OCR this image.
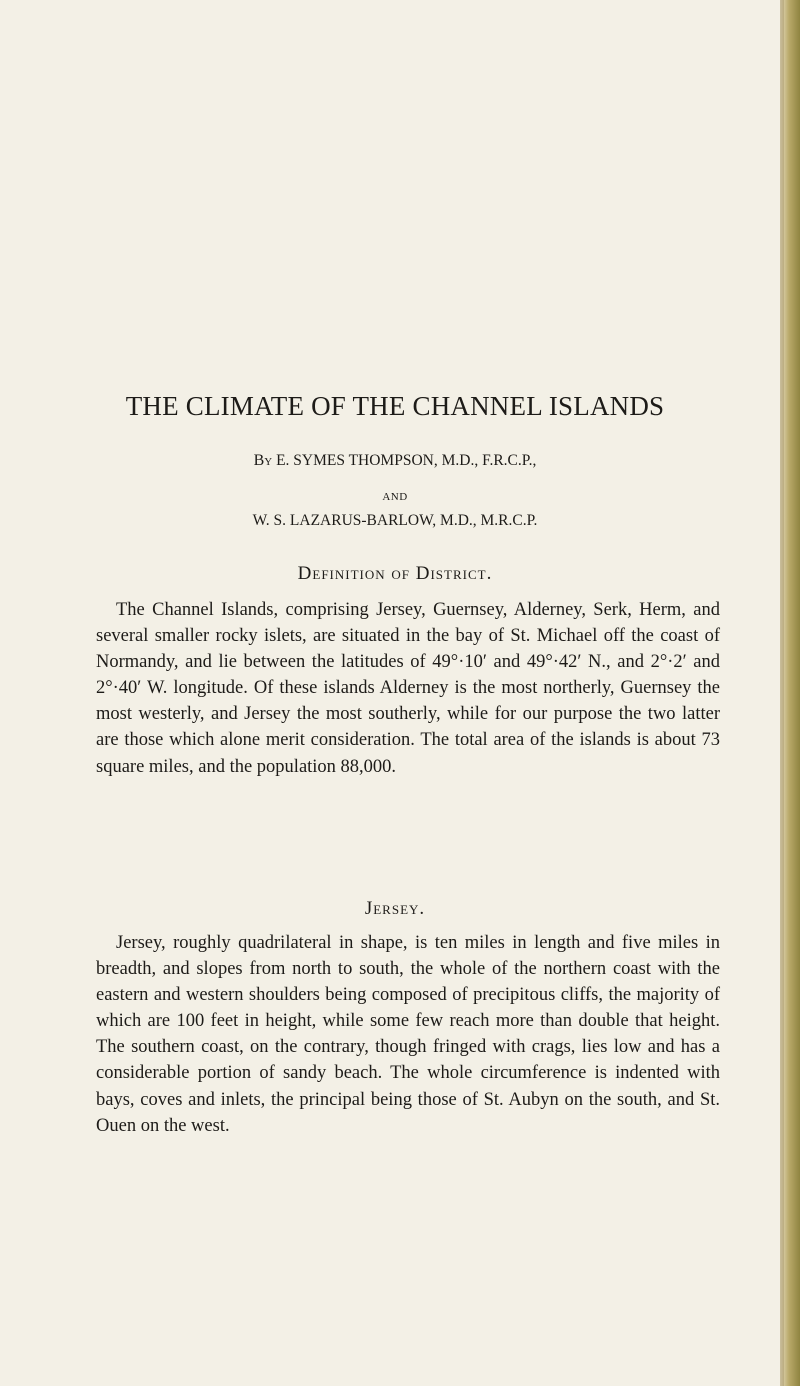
THE CLIMATE OF THE CHANNEL ISLANDS
By E. SYMES THOMPSON, M.D., F.R.C.P.,
AND
W. S. LAZARUS-BARLOW, M.D., M.R.C.P.
Definition of District.

The Channel Islands, comprising Jersey, Guernsey, Alderney, Serk, Herm, and several smaller rocky islets, are situated in the bay of St. Michael off the coast of Normandy, and lie between the latitudes of 49°·10′ and 49°·42′ N., and 2°·2′ and 2°·40′ W. longitude. Of these islands Alderney is the most northerly, Guernsey the most westerly, and Jersey the most southerly, while for our purpose the two latter are those which alone merit consideration. The total area of the islands is about 73 square miles, and the population 88,000.

Jersey.

Jersey, roughly quadrilateral in shape, is ten miles in length and five miles in breadth, and slopes from north to south, the whole of the northern coast with the eastern and western shoulders being composed of precipitous cliffs, the majority of which are 100 feet in height, while some few reach more than double that height. The southern coast, on the contrary, though fringed with crags, lies low and has a considerable portion of sandy beach. The whole circumference is indented with bays, coves and inlets, the principal being those of St. Aubyn on the south, and St. Ouen on the west.
